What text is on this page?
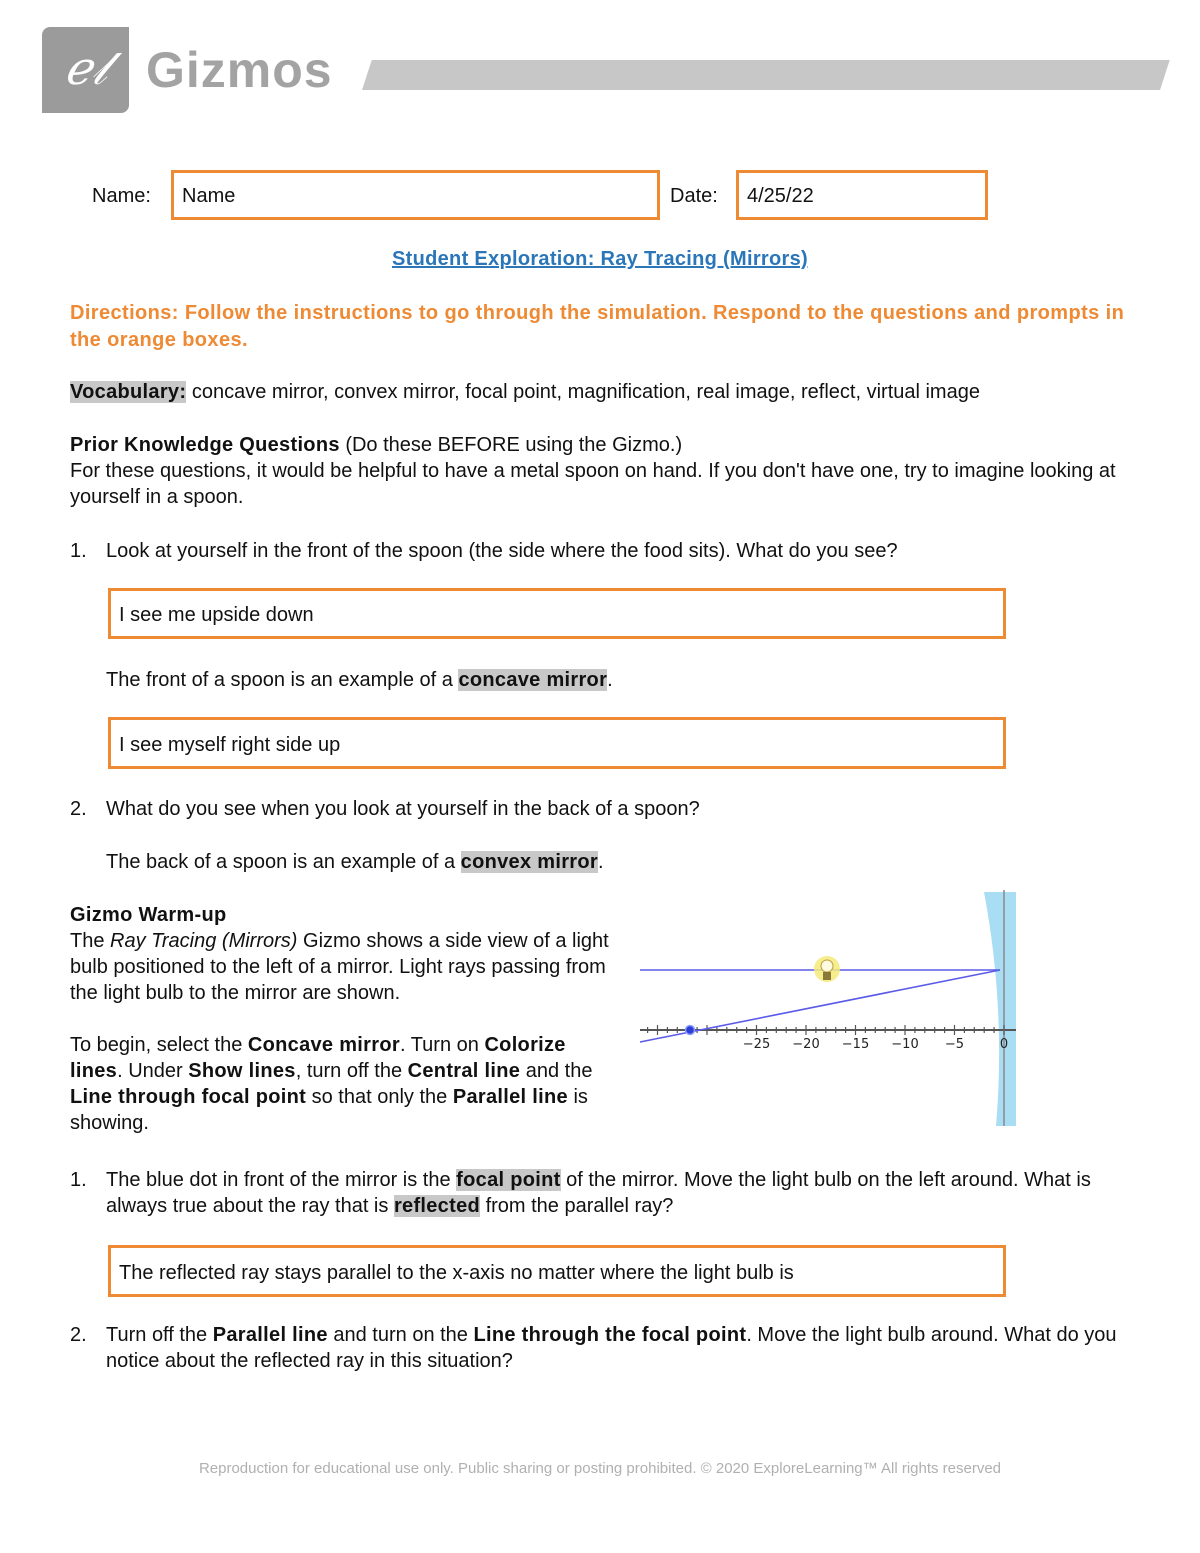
ℯ𝓁 Gizmos
Name:	Name	Date:	4/25/22
Student Exploration: Ray Tracing (Mirrors)
Directions: Follow the instructions to go through the simulation. Respond to the questions and prompts in the orange boxes.
Vocabulary: concave mirror, convex mirror, focal point, magnification, real image, reflect, virtual image
Prior Knowledge Questions (Do these BEFORE using the Gizmo.)
For these questions, it would be helpful to have a metal spoon on hand. If you don't have one, try to imagine looking at yourself in a spoon.
1. Look at yourself in the front of the spoon (the side where the food sits). What do you see?
I see me upside down
The front of a spoon is an example of a concave mirror.
I see myself right side up
2. What do you see when you look at yourself in the back of a spoon?
The back of a spoon is an example of a convex mirror.
Gizmo Warm-up
The Ray Tracing (Mirrors) Gizmo shows a side view of a light bulb positioned to the left of a mirror. Light rays passing from the light bulb to the mirror are shown.
To begin, select the Concave mirror. Turn on Colorize lines. Under Show lines, turn off the Central line and the Line through focal point so that only the Parallel line is showing.
−25 −20 −15 −10 −5	0
1. The blue dot in front of the mirror is the focal point of the mirror. Move the light bulb on the left around. What is always true about the ray that is reflected from the parallel ray?
The reflected ray stays parallel to the x-axis no matter where the light bulb is
2. Turn off the Parallel line and turn on the Line through the focal point. Move the light bulb around. What do you notice about the reflected ray in this situation?
Reproduction for educational use only. Public sharing or posting prohibited. © 2020 ExploreLearning™ All rights reserved
